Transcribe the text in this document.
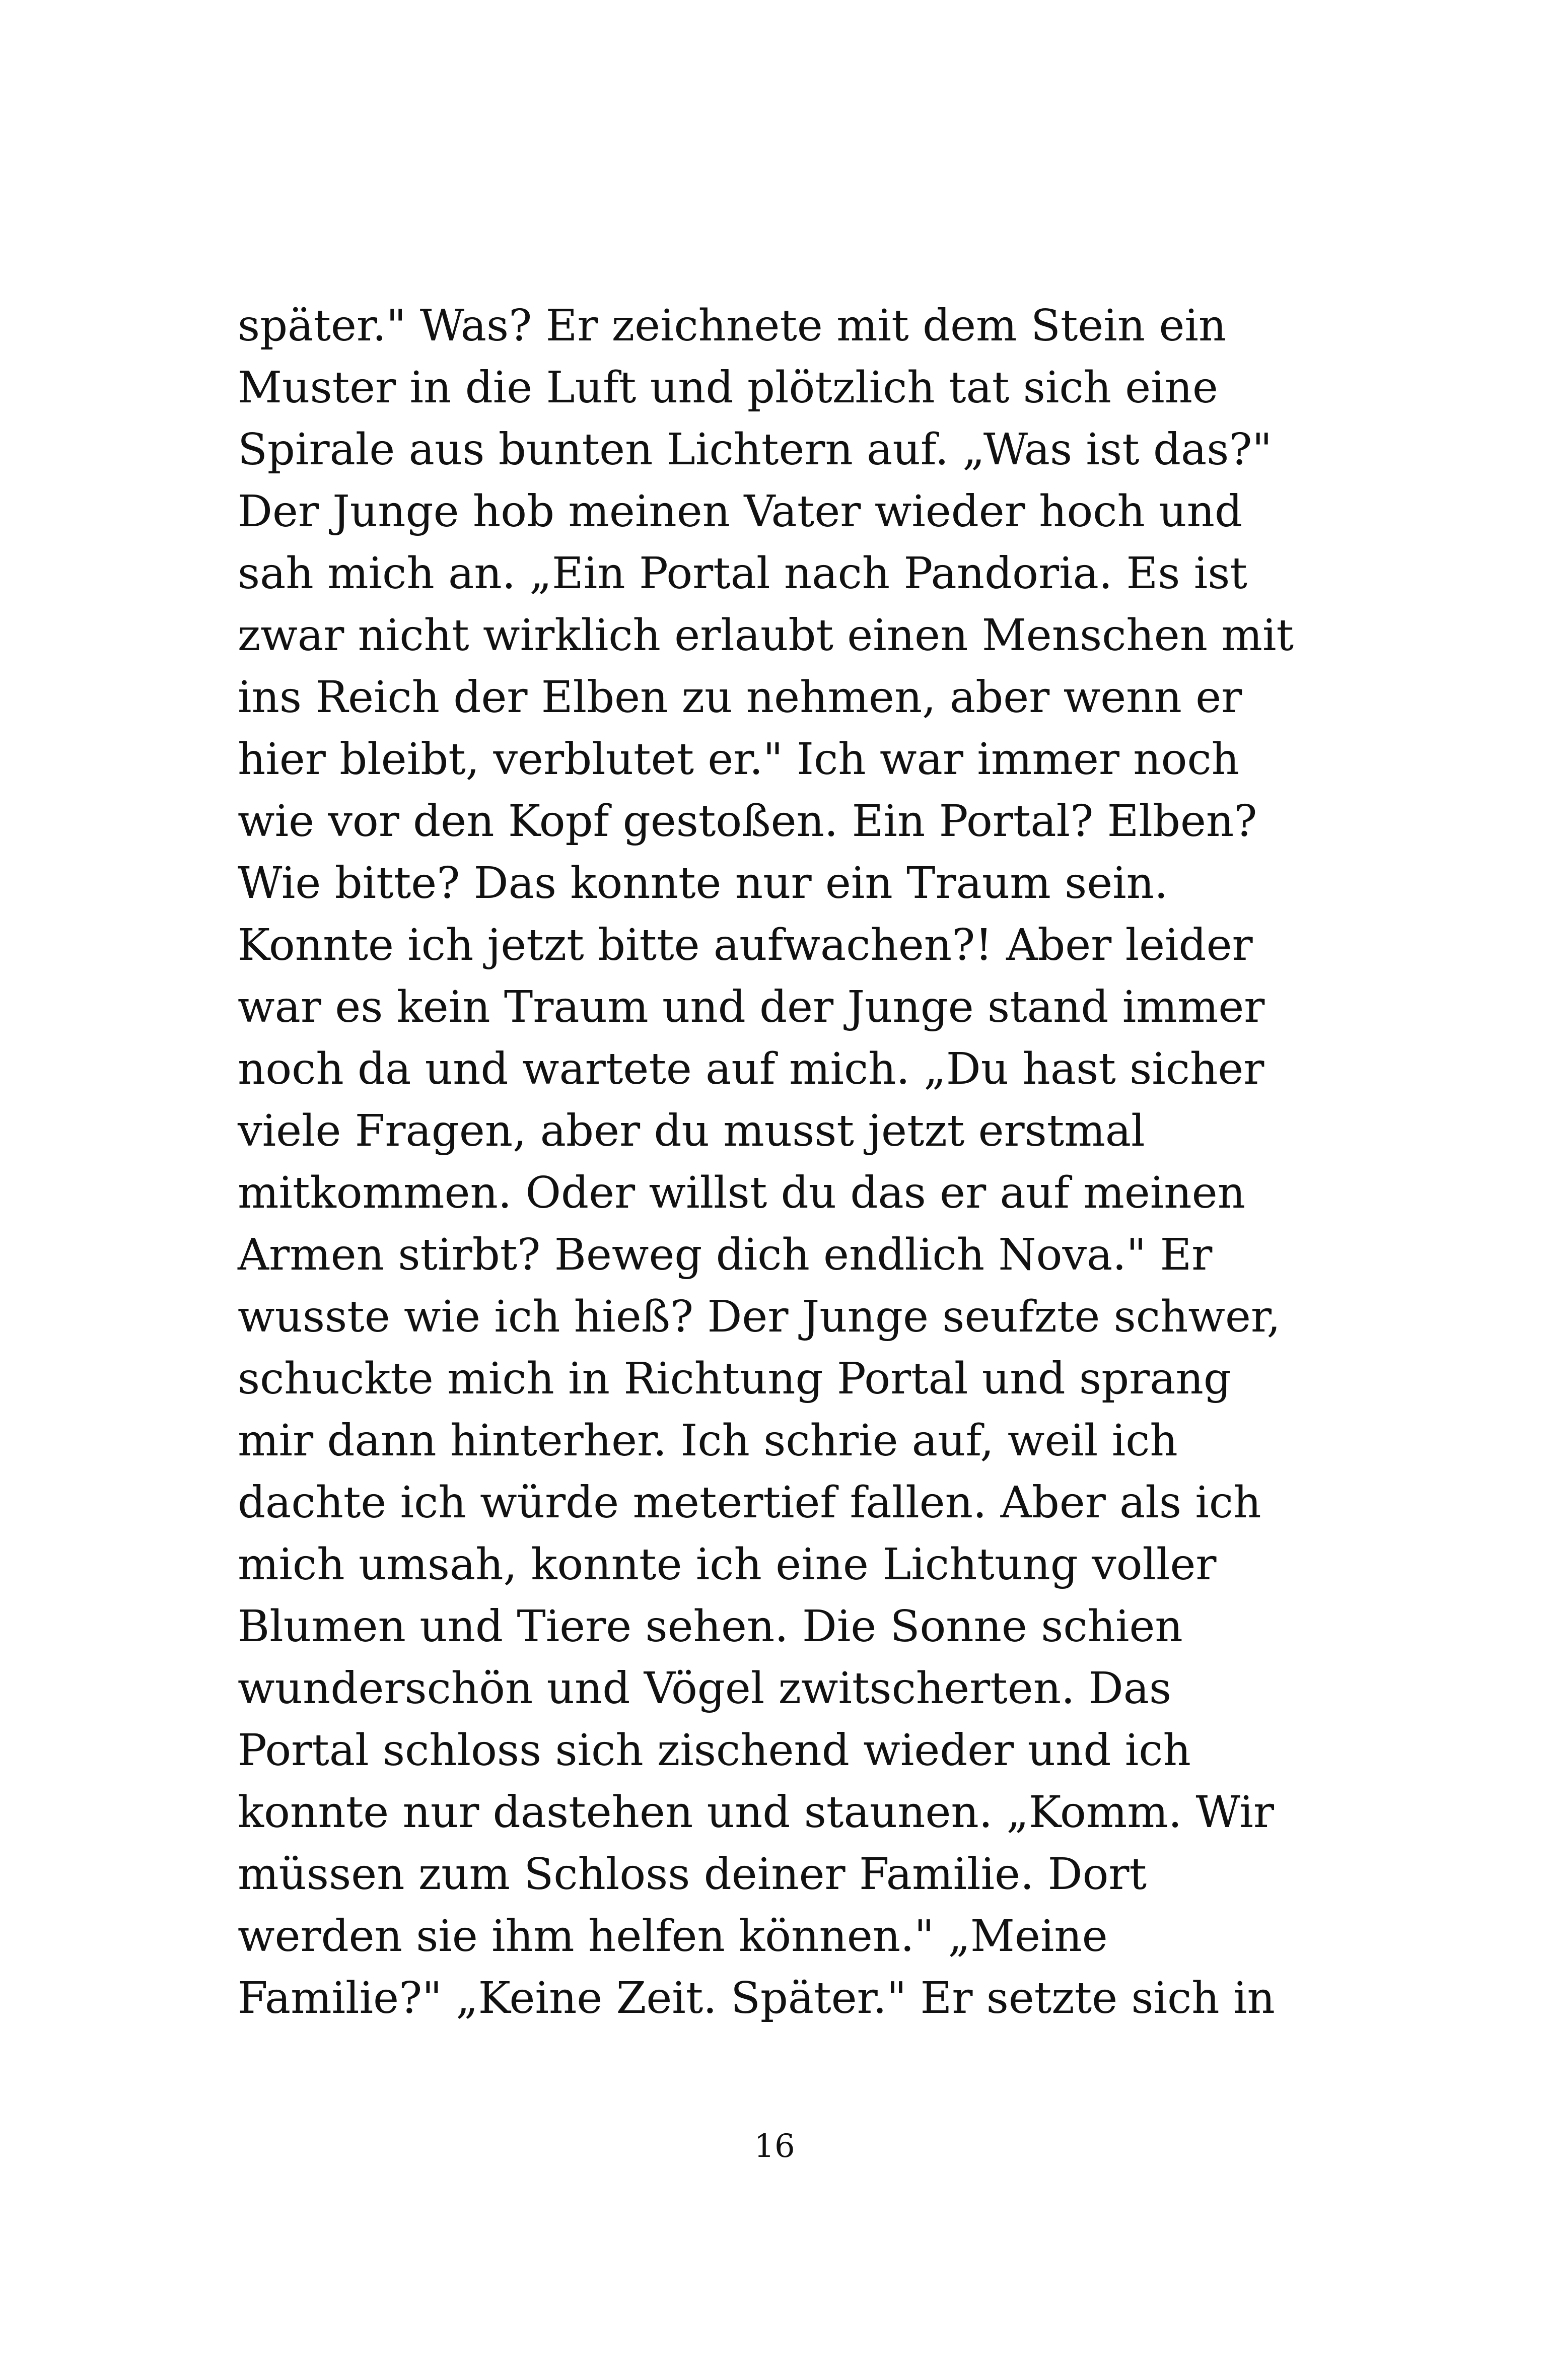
später." Was? Er zeichnete mit dem Stein ein
Muster in die Luft und plötzlich tat sich eine
Spirale aus bunten Lichtern auf. „Was ist das?"
Der Junge hob meinen Vater wieder hoch und
sah mich an. „Ein Portal nach Pandoria. Es ist
zwar nicht wirklich erlaubt einen Menschen mit
ins Reich der Elben zu nehmen, aber wenn er
hier bleibt, verblutet er." Ich war immer noch
wie vor den Kopf gestoßen. Ein Portal? Elben?
Wie bitte? Das konnte nur ein Traum sein.
Konnte ich jetzt bitte aufwachen?! Aber leider
war es kein Traum und der Junge stand immer
noch da und wartete auf mich. „Du hast sicher
viele Fragen, aber du musst jetzt erstmal
mitkommen. Oder willst du das er auf meinen
Armen stirbt? Beweg dich endlich Nova." Er
wusste wie ich hieß? Der Junge seufzte schwer,
schuckte mich in Richtung Portal und sprang
mir dann hinterher. Ich schrie auf, weil ich
dachte ich würde metertief fallen. Aber als ich
mich umsah, konnte ich eine Lichtung voller
Blumen und Tiere sehen. Die Sonne schien
wunderschön und Vögel zwitscherten. Das
Portal schloss sich zischend wieder und ich
konnte nur dastehen und staunen. „Komm. Wir
müssen zum Schloss deiner Familie. Dort
werden sie ihm helfen können." „Meine
Familie?" „Keine Zeit. Später." Er setzte sich in
16
